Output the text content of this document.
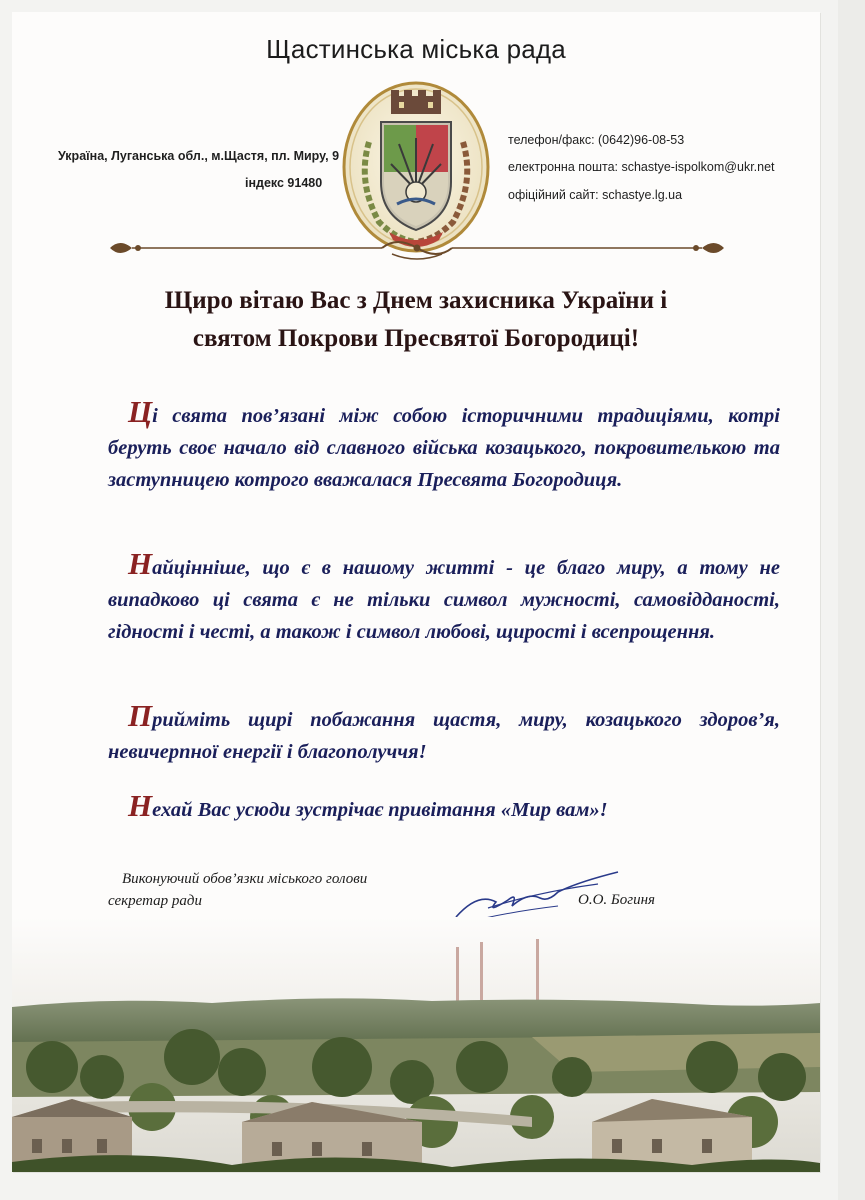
Щастинська міська рада
Україна, Луганська обл., м.Щастя, пл. Миру, 9
індекс 91480
телефон/факс: (0642)96-08-53
електронна пошта: schastye-ispolkom@ukr.net
офіційний сайт: schastye.lg.ua
Щиро вітаю Вас з Днем захисника України і
святом Покрови Пресвятої Богородиці!
Ці свята пов’язані між собою історичними традиціями, котрі беруть своє начало від славного війська козацького, покровителькою та заступницею котрого вважалася Пресвята Богородиця.
Найцінніше, що є в нашому житті - це благо миру, а тому не випадково ці свята є не тільки символ мужності, самовідданості, гідності і честі, а також і символ любові, щирості і всепрощення.
Прийміть щирі побажання щастя, миру, козацького здоров’я, невичерпної енергії і благополуччя!
Нехай Вас усюди зустрічає привітання «Мир вам»!
Виконуючий обов’язки міського голови
секретар ради	О.О. Богиня
